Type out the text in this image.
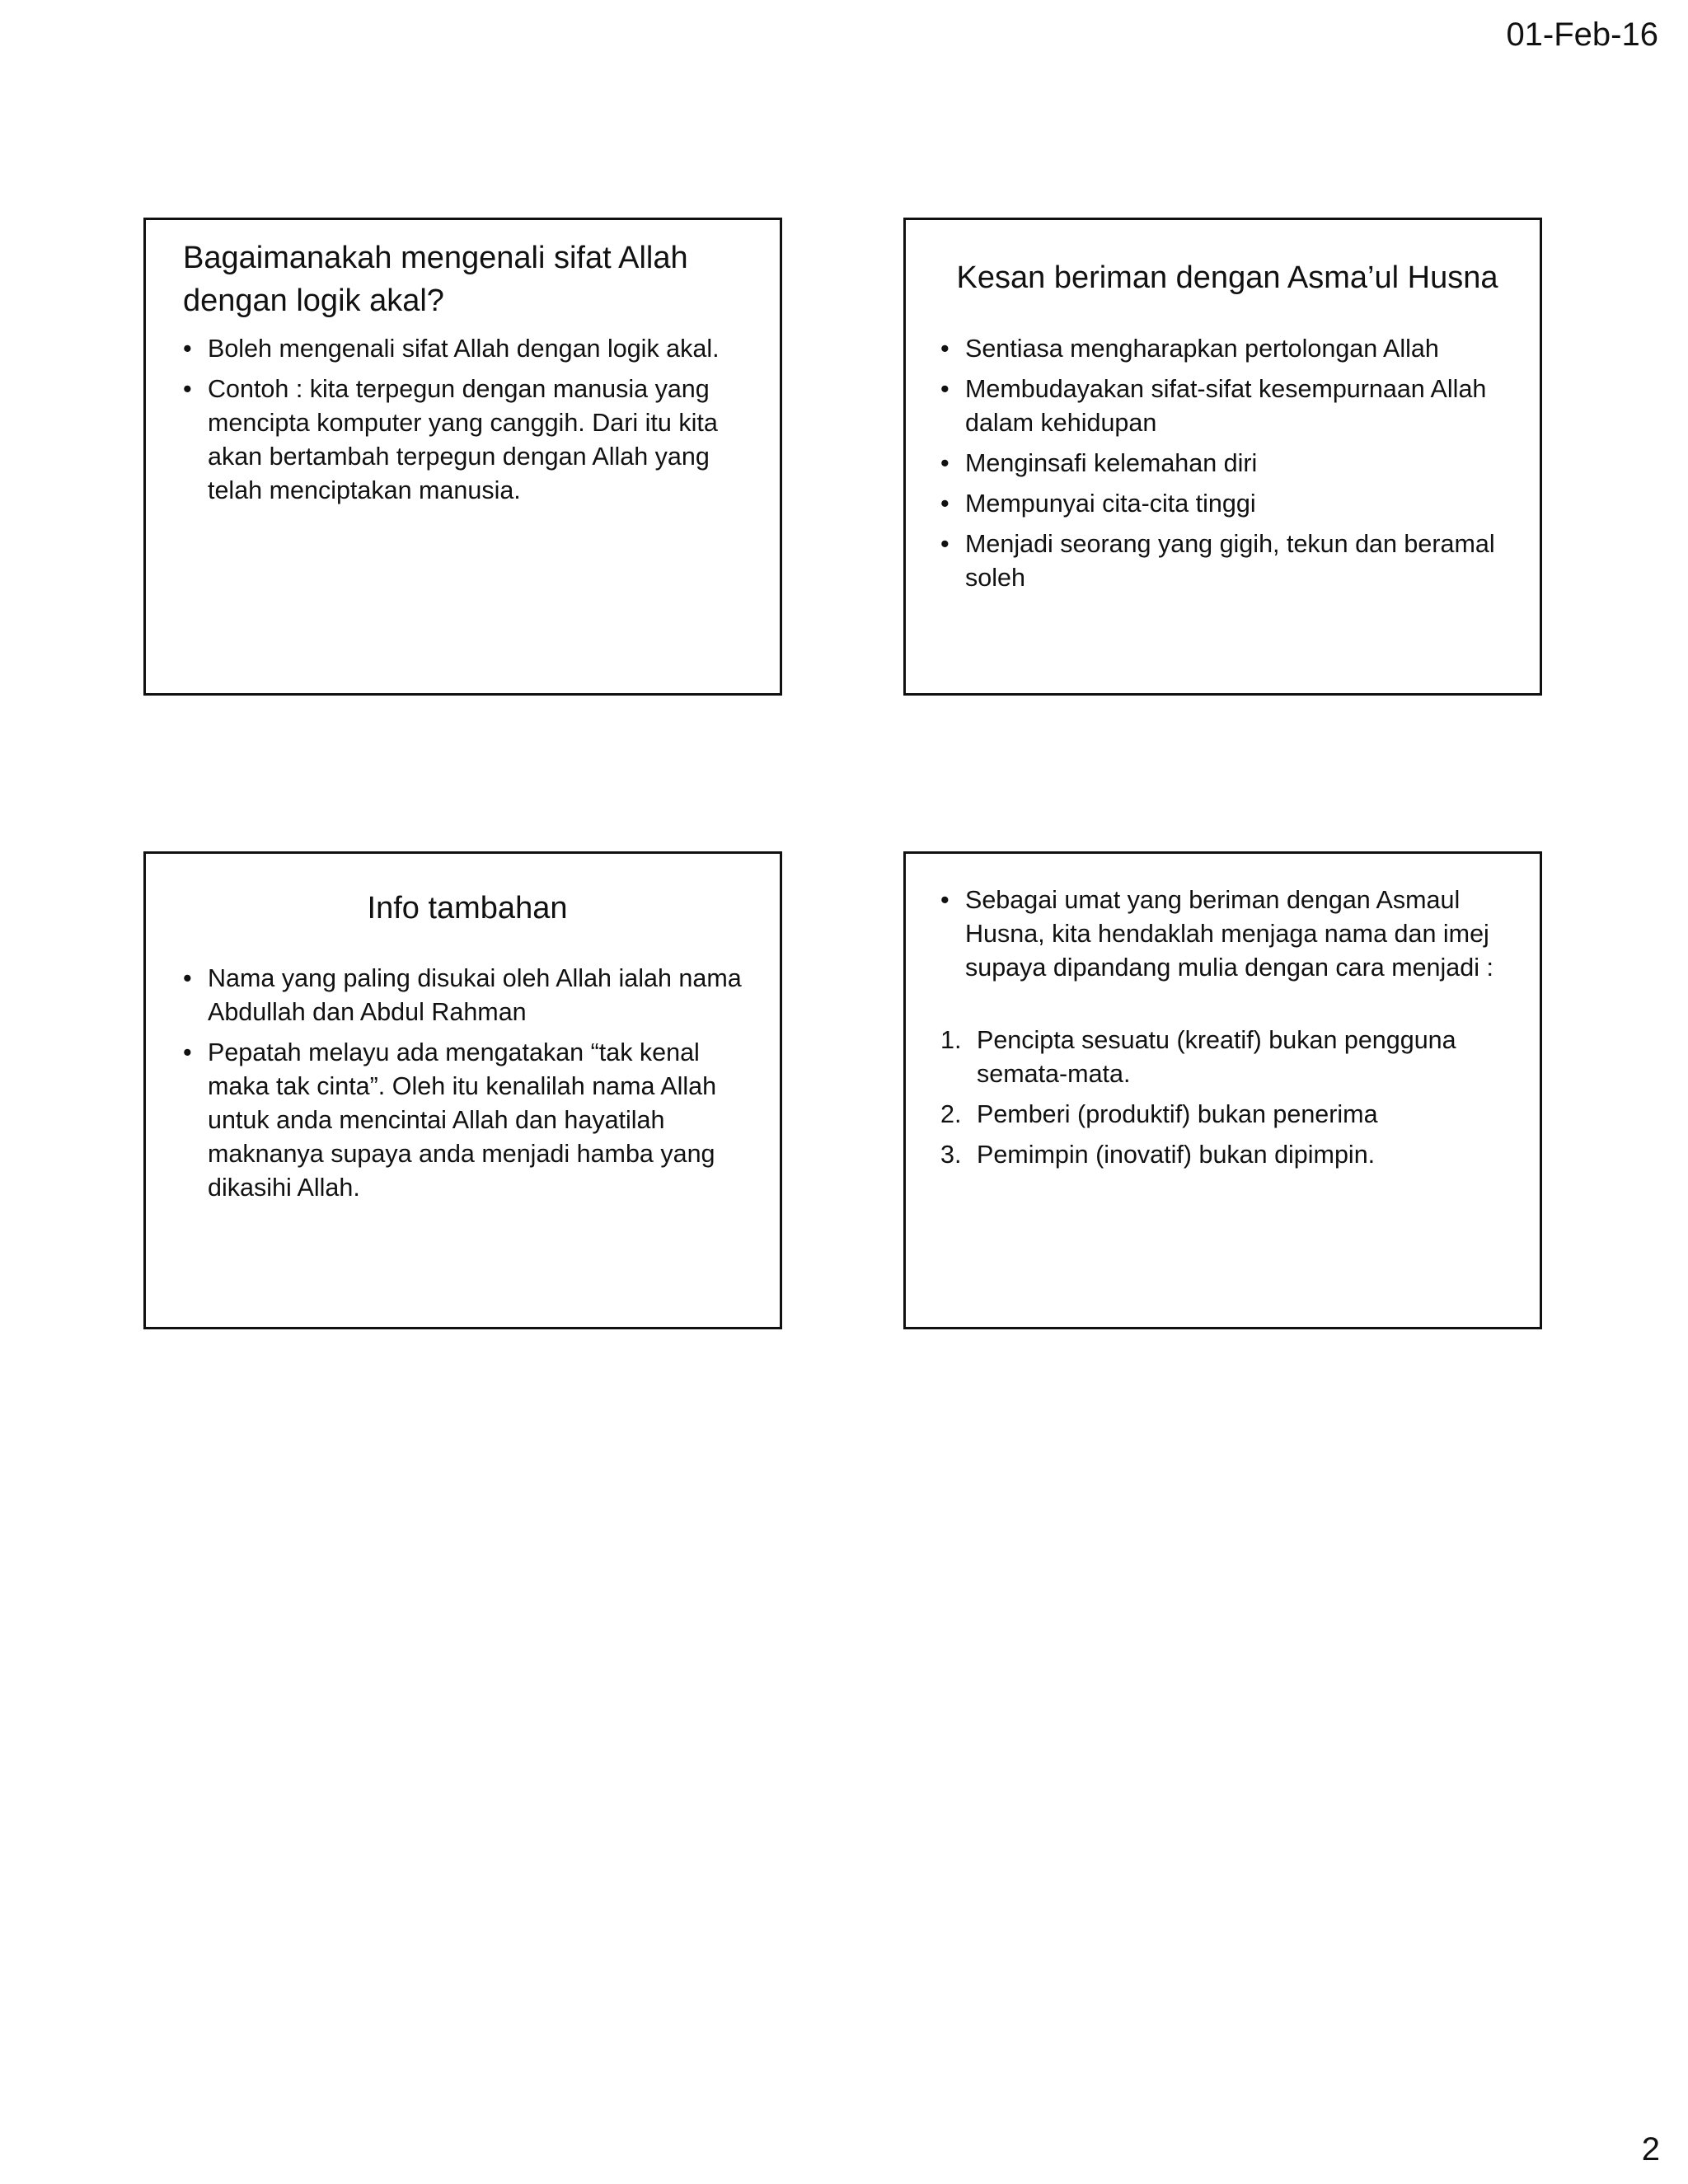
01-Feb-16
Bagaimanakah mengenali sifat Allah dengan logik akal?
• Boleh mengenali sifat Allah dengan logik akal.
• Contoh : kita terpegun dengan manusia yang mencipta komputer yang canggih. Dari itu kita akan bertambah terpegun dengan Allah yang telah menciptakan manusia.
Kesan beriman dengan Asma’ul Husna
• Sentiasa mengharapkan pertolongan Allah
• Membudayakan sifat-sifat kesempurnaan Allah dalam kehidupan
• Menginsafi kelemahan diri
• Mempunyai cita-cita tinggi
• Menjadi seorang yang gigih, tekun dan beramal soleh
Info tambahan
• Nama yang paling disukai oleh Allah ialah nama Abdullah dan Abdul Rahman
• Pepatah melayu ada mengatakan “tak kenal maka tak cinta”. Oleh itu kenalilah nama Allah untuk anda mencintai Allah dan hayatilah maknanya supaya anda menjadi hamba yang dikasihi Allah.
• Sebagai umat yang beriman dengan Asmaul Husna, kita hendaklah menjaga nama dan imej supaya dipandang mulia dengan cara menjadi :
1. Pencipta sesuatu (kreatif) bukan pengguna semata-mata.
2. Pemberi (produktif) bukan penerima
3. Pemimpin (inovatif) bukan dipimpin.
2
